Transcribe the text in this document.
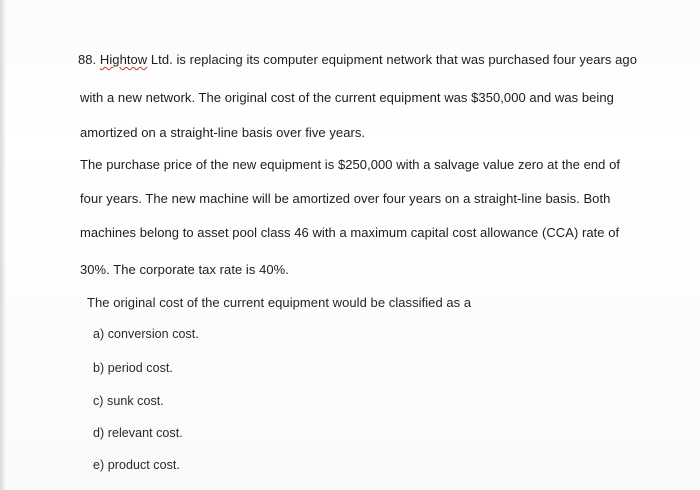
88. Hightow Ltd. is replacing its computer equipment network that was purchased four years ago
with a new network. The original cost of the current equipment was $350,000 and was being
amortized on a straight-line basis over five years.
The purchase price of the new equipment is $250,000 with a salvage value zero at the end of
four years. The new machine will be amortized over four years on a straight-line basis. Both
machines belong to asset pool class 46 with a maximum capital cost allowance (CCA) rate of
30%. The corporate tax rate is 40%.
The original cost of the current equipment would be classified as a
a) conversion cost.
b) period cost.
c) sunk cost.
d) relevant cost.
e) product cost.
